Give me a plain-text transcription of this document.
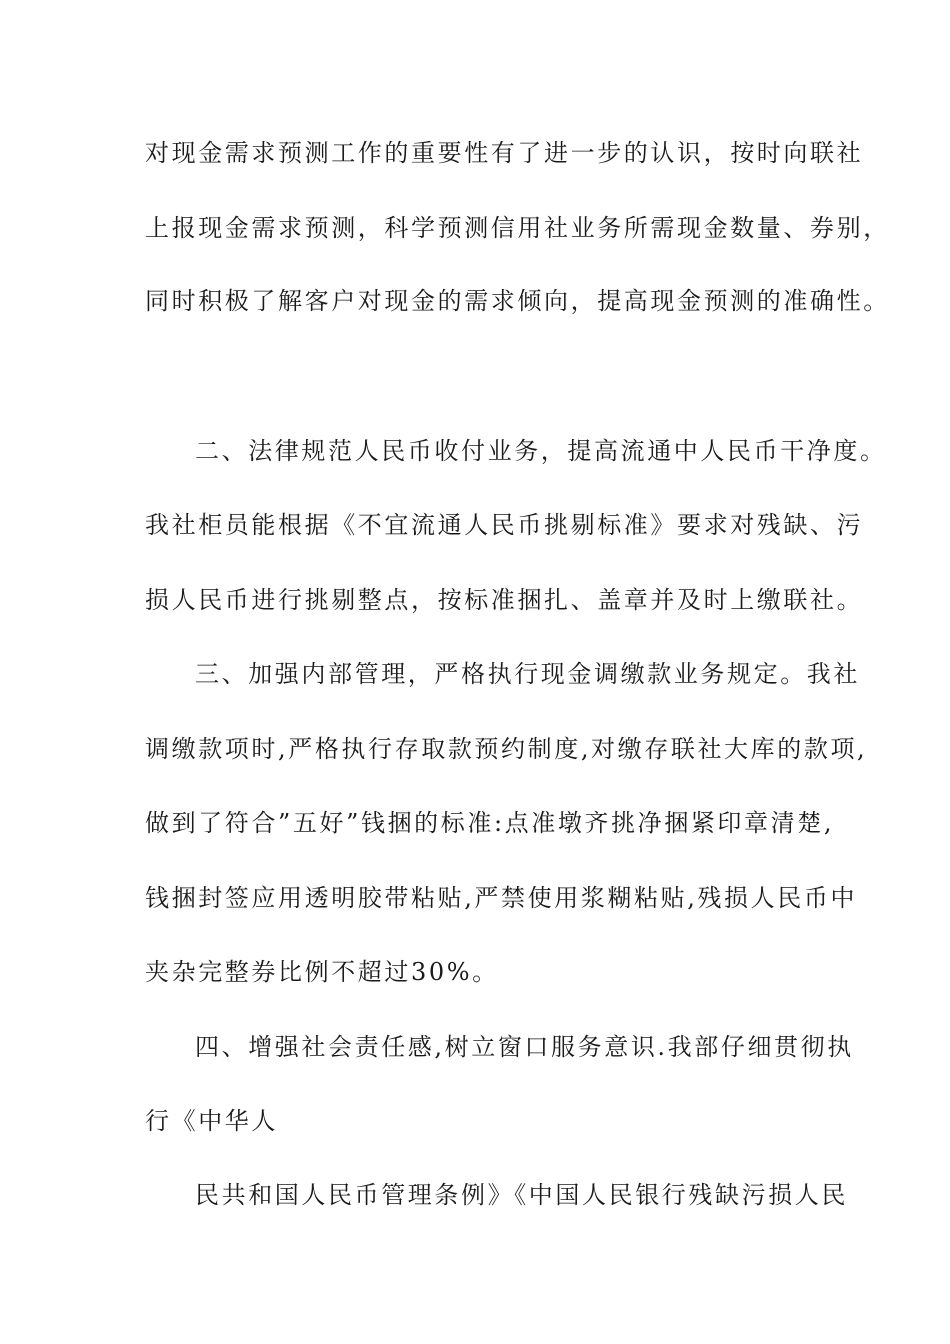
对现金需求预测工作的重要性有了进一步的认识，按时向联社
上报现金需求预测，科学预测信用社业务所需现金数量、券别，
同时积极了解客户对现金的需求倾向，提高现金预测的准确性。
二、法律规范人民币收付业务，提高流通中人民币干净度。
我社柜员能根据《不宜流通人民币挑剔标准》要求对残缺、污
损人民币进行挑剔整点，按标准捆扎、盖章并及时上缴联社。
三、加强内部管理，严格执行现金调缴款业务规定。我社
调缴款项时,严格执行存取款预约制度,对缴存联社大库的款项,
做到了符合”五好”钱捆的标准:点准墩齐挑净捆紧印章清楚,
钱捆封签应用透明胶带粘贴,严禁使用浆糊粘贴,残损人民币中
夹杂完整券比例不超过30%。
四、增强社会责任感,树立窗口服务意识.我部仔细贯彻执
行《中华人
民共和国人民币管理条例》《中国人民银行残缺污损人民
